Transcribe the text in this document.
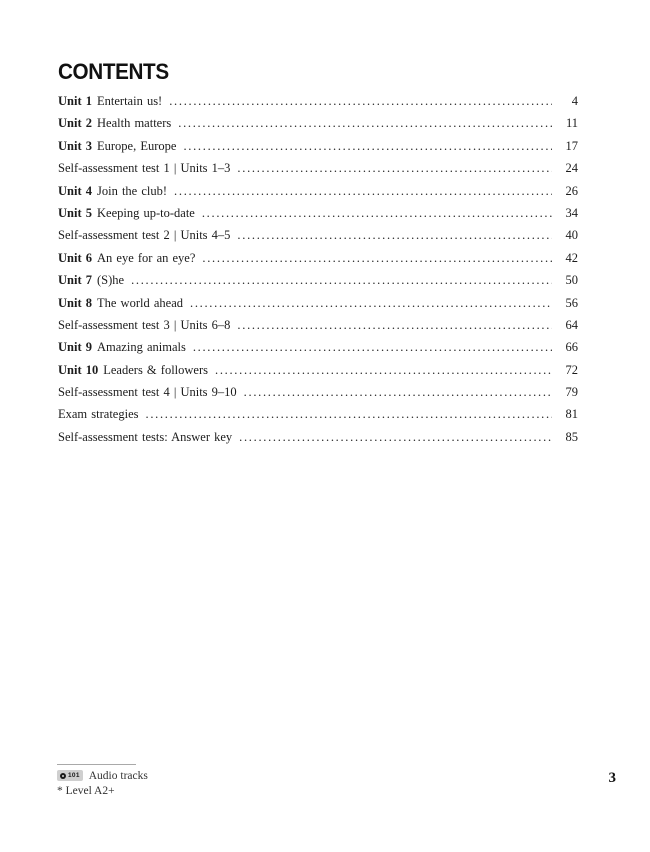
CONTENTS
Unit 1 Entertain us! .....	4
Unit 2 Health matters .....	11
Unit 3 Europe, Europe .....	17
Self-assessment test 1 | Units 1–3 .....	24
Unit 4 Join the club! .....	26
Unit 5 Keeping up-to-date .....	34
Self-assessment test 2 | Units 4–5 .....	40
Unit 6 An eye for an eye? .....	42
Unit 7 (S)he .....	50
Unit 8 The world ahead .....	56
Self-assessment test 3 | Units 6–8 .....	64
Unit 9 Amazing animals .....	66
Unit 10 Leaders & followers .....	72
Self-assessment test 4 | Units 9–10 .....	79
Exam strategies .....	81
Self-assessment tests: Answer key .....	85
101 Audio tracks
* Level A2+
3
